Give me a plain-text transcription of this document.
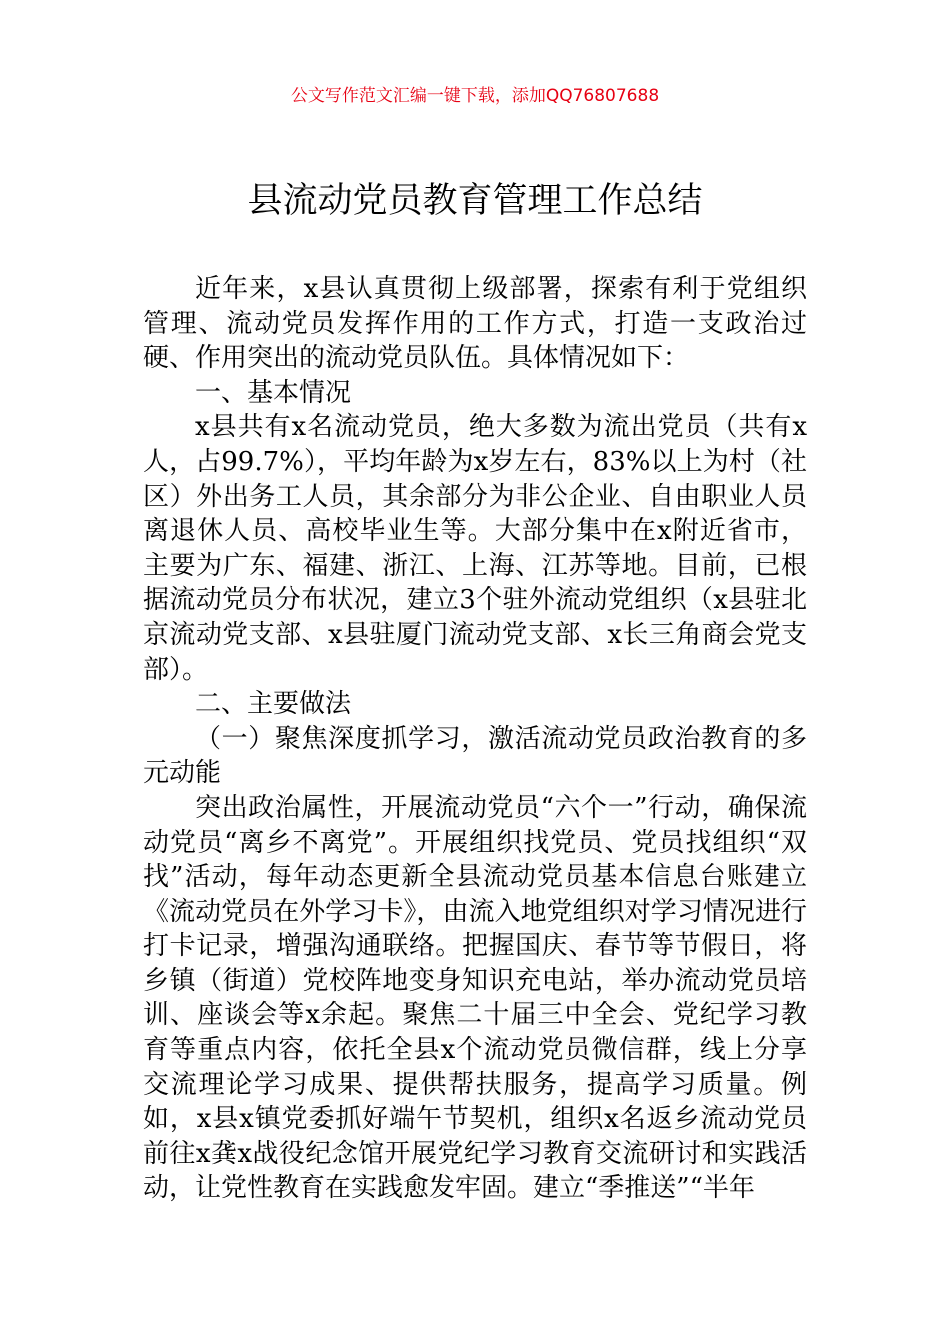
公文写作范文汇编一键下载，添加QQ76807688
县流动党员教育管理工作总结

近年来，x县认真贯彻上级部署，探索有利于党组织管理、流动党员发挥作用的工作方式，打造一支政治过硬、作用突出的流动党员队伍。具体情况如下：

一、基本情况

x县共有x名流动党员，绝大多数为流出党员（共有x人，占99.7%），平均年龄为x岁左右，83%以上为村（社区）外出务工人员，其余部分为非公企业、自由职业人员离退休人员、高校毕业生等。大部分集中在x附近省市，主要为广东、福建、浙江、上海、江苏等地。目前，已根据流动党员分布状况，建立3个驻外流动党组织（x县驻北京流动党支部、x县驻厦门流动党支部、x长三角商会党支部）。

二、主要做法

（一）聚焦深度抓学习，激活流动党员政治教育的多元动能

突出政治属性，开展流动党员“六个一”行动，确保流动党员“离乡不离党”。开展组织找党员、党员找组织“双找”活动，每年动态更新全县流动党员基本信息台账建立《流动党员在外学习卡》，由流入地党组织对学习情况进行打卡记录，增强沟通联络。把握国庆、春节等节假日，将乡镇（街道）党校阵地变身知识充电站，举办流动党员培训、座谈会等x余起。聚焦二十届三中全会、党纪学习教育等重点内容，依托全县x个流动党员微信群，线上分享交流理论学习成果、提供帮扶服务，提高学习质量。例如，x县x镇党委抓好端午节契机，组织x名返乡流动党员前往x龚x战役纪念馆开展党纪学习教育交流研讨和实践活动，让党性教育在实践愈发牢固。建立“季推送”“半年
